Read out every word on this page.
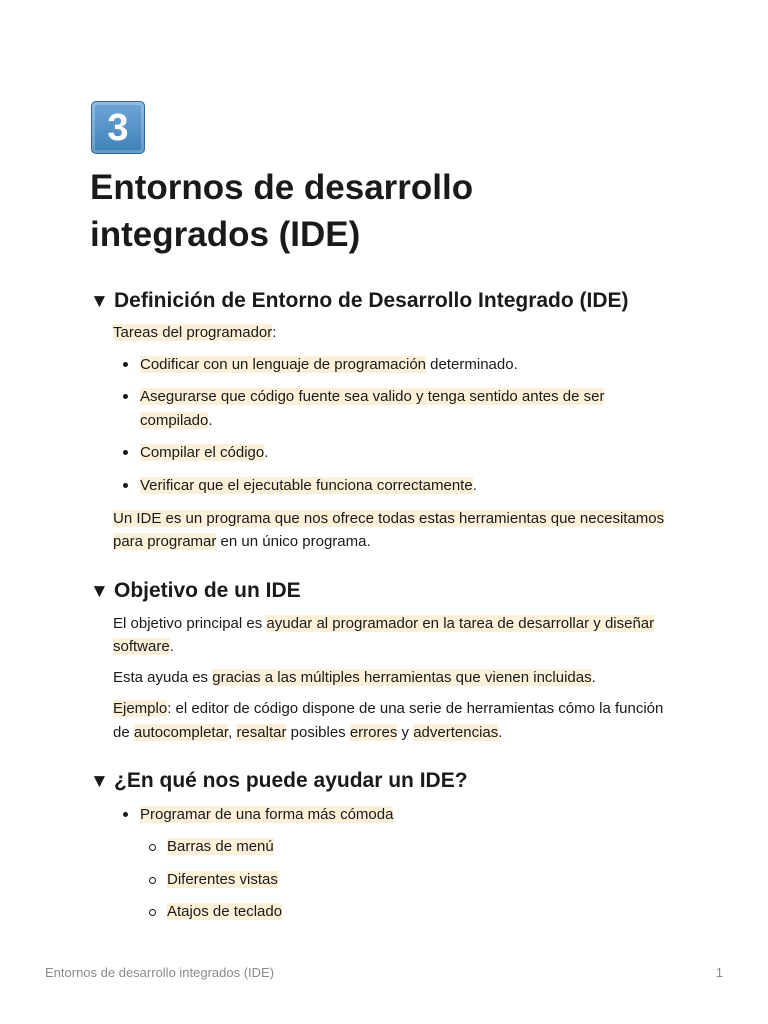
3
Entornos de desarrollo
integrados (IDE)
▼ Definición de Entorno de Desarrollo Integrado (IDE)

Tareas del programador:

Codificar con un lenguaje de programación determinado.

Asegurarse que código fuente sea valido y tenga sentido antes de ser

compilado.

Compilar el código.

Verificar que el ejecutable funciona correctamente.

Un IDE es un programa que nos ofrece todas estas herramientas que necesitamos

para programar en un único programa.

▼ Objetivo de un IDE

El objetivo principal es ayudar al programador en la tarea de desarrollar y diseñar

software.

Esta ayuda es gracias a las múltiples herramientas que vienen incluidas.

Ejemplo: el editor de código dispone de una serie de herramientas cómo la función

de autocompletar, resaltar posibles errores y advertencias.

▼ ¿En qué nos puede ayudar un IDE?

Programar de una forma más cómoda

Barras de menú

Diferentes vistas

Atajos de teclado

Entornos de desarrollo integrados (IDE)	1
